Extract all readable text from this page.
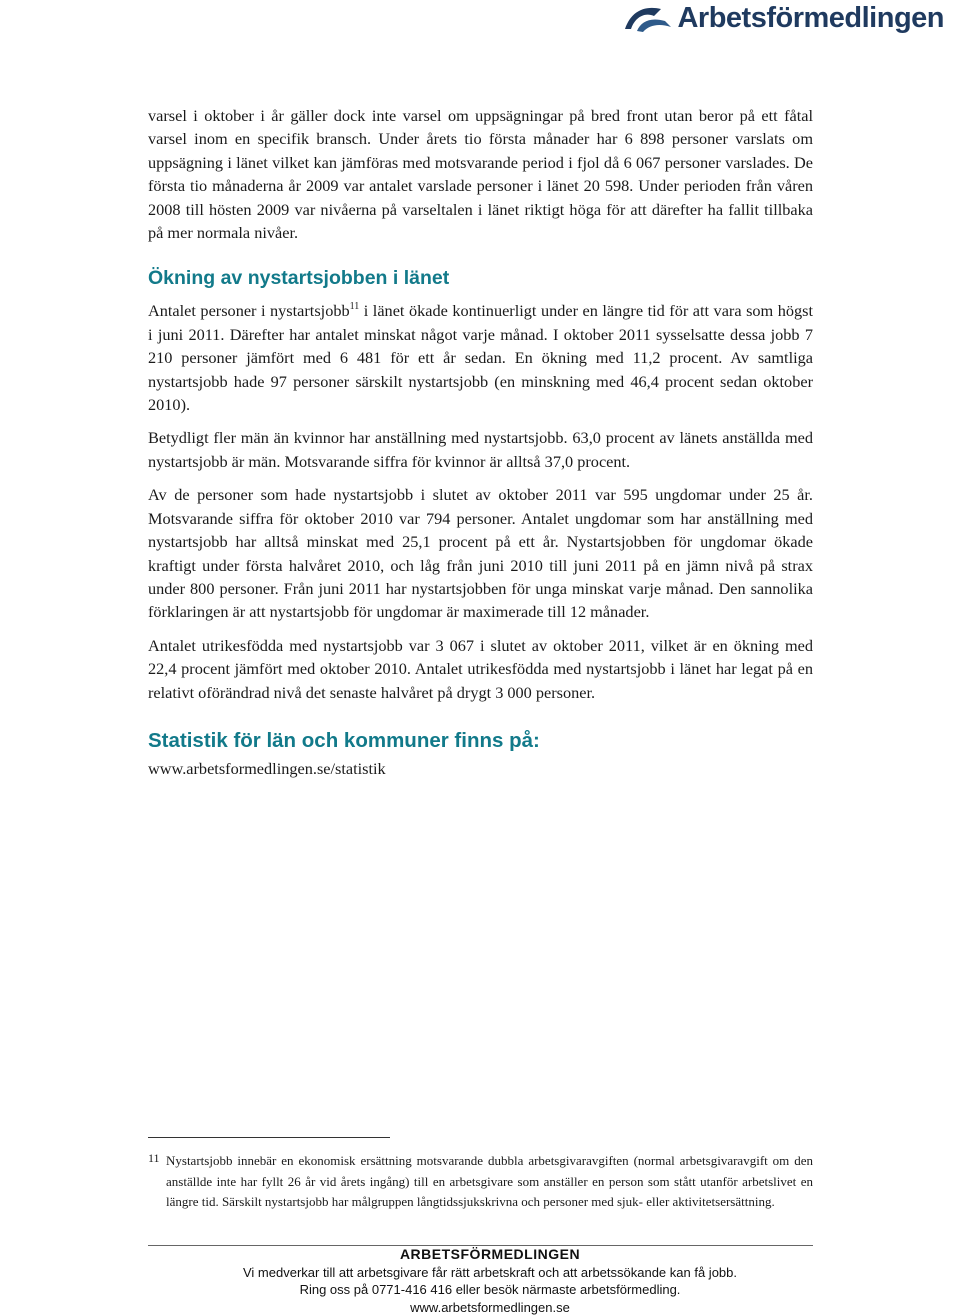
Arbetsförmedlingen

varsel i oktober i år gäller dock inte varsel om uppsägningar på bred front utan beror på ett fåtal varsel inom en specifik bransch. Under årets tio första månader har 6 898 personer varslats om uppsägning i länet vilket kan jämföras med motsvarande period i fjol då 6 067 personer varslades. De första tio månaderna år 2009 var antalet varslade personer i länet 20 598. Under perioden från våren 2008 till hösten 2009 var nivåerna på varseltalen i länet riktigt höga för att därefter ha fallit tillbaka på mer normala nivåer.

Ökning av nystartsjobben i länet

Antalet personer i nystartsjobb$^{11}$ i länet ökade kontinuerligt under en längre tid för att vara som högst i juni 2011. Därefter har antalet minskat något varje månad. I oktober 2011 sysselsatte dessa jobb 7 210 personer jämfört med 6 481 för ett år sedan. En ökning med 11,2 procent. Av samtliga nystartsjobb hade 97 personer särskilt nystartsjobb (en minskning med 46,4 procent sedan oktober 2010).

Betydligt fler män än kvinnor har anställning med nystartsjobb. 63,0 procent av länets anställda med nystartsjobb är män. Motsvarande siffra för kvinnor är alltså 37,0 procent.

Av de personer som hade nystartsjobb i slutet av oktober 2011 var 595 ungdomar under 25 år. Motsvarande siffra för oktober 2010 var 794 personer. Antalet ungdomar som har anställning med nystartsjobb har alltså minskat med 25,1 procent på ett år. Nystartsjobben för ungdomar ökade kraftigt under första halvåret 2010, och låg från juni 2010 till juni 2011 på en jämn nivå på strax under 800 personer. Från juni 2011 har nystartsjobben för unga minskat varje månad. Den sannolika förklaringen är att nystartsjobb för ungdomar är maximerade till 12 månader.

Antalet utrikesfödda med nystartsjobb var 3 067 i slutet av oktober 2011, vilket är en ökning med 22,4 procent jämfört med oktober 2010. Antalet utrikesfödda med nystartsjobb i länet har legat på en relativt oförändrad nivå det senaste halvåret på drygt 3 000 personer.

Statistik för län och kommuner finns på:
www.arbetsformedlingen.se/statistik
11 Nystartsjobb innebär en ekonomisk ersättning motsvarande dubbla arbetsgivaravgiften (normal arbetsgivaravgift om den anställde inte har fyllt 26 år vid årets ingång) till en arbetsgivare som anställer en person som stått utanför arbetslivet en längre tid. Särskilt nystartsjobb har målgruppen långtidssjukskrivna och personer med sjuk- eller aktivitetsersättning.
ARBETSFÖRMEDLINGEN
Vi medverkar till att arbetsgivare får rätt arbetskraft och att arbetssökande kan få jobb.
Ring oss på 0771-416 416 eller besök närmaste arbetsförmedling.
www.arbetsformedlingen.se
